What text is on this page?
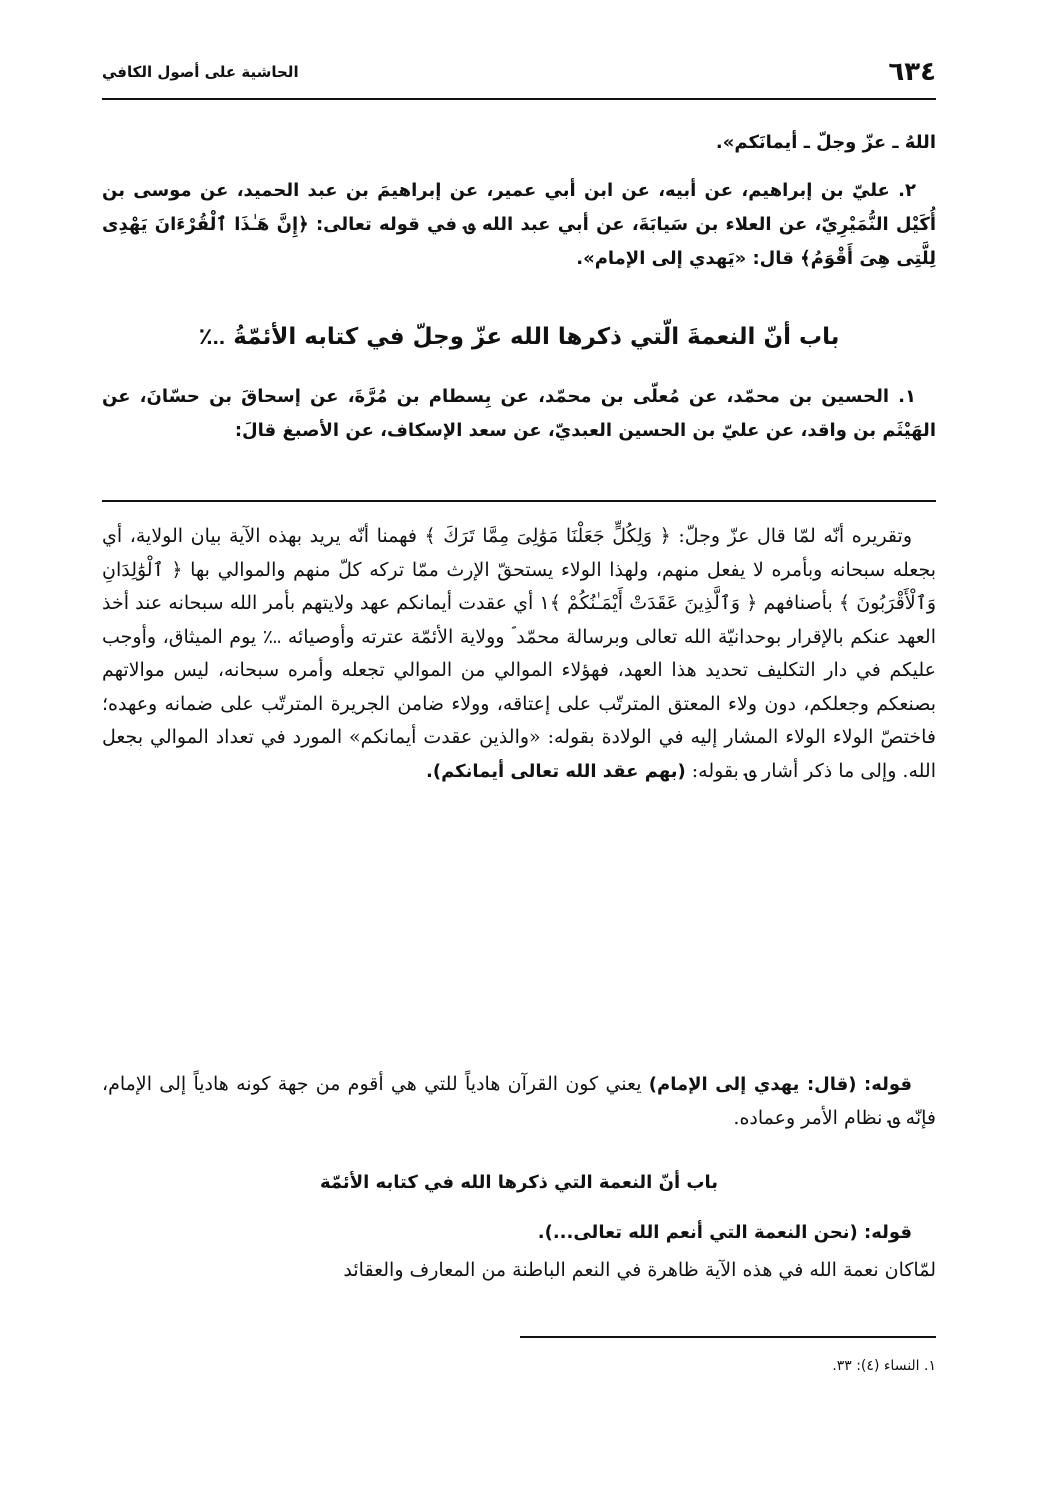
٦٣٤
الحاشية على أصول الكافي

اللهُ ـ عزّ وجلّ ـ أيمانَكم».

٢. عليّ بن إبراهيم، عن أبيه، عن ابن أبي عمير، عن إبراهيمَ بن عبد الحميد، عن موسى بن أُكَيْل النُّمَيْرِيّ، عن العلاء بن سَيابَةَ، عن أبي عبد الله ؈ في قوله تعالى: ﴿إِنَّ هَـٰذَا ٱلْقُرْءَانَ يَهْدِى لِلَّتِى هِىَ أَقْوَمُ﴾ قال: «يَهدي إلى الإمام».

باب أنّ النعمةَ الّتي ذكرها الله عزّ وجلّ في كتابه الأئمّةُ ؊

١. الحسين بن محمّد، عن مُعلّى بن محمّد، عن بِسطام بن مُرَّةَ، عن إسحاقَ بن حسّانَ، عن الهَيْثَم بن واقد، عن عليّ بن الحسين العبديّ، عن سعد الإسكاف، عن الأصبغ قالَ:

وتقريره أنّه لمّا قال عزّ وجلّ: ﴿ وَلِكُلٍّ جَعَلْنَا مَوَٰلِىَ مِمَّا تَرَكَ ﴾ فهمنا أنّه يريد بهذه الآية بيان الولاية، أي بجعله سبحانه وبأمره لا يفعل منهم، ولهذا الولاء يستحقّ الإرث ممّا تركه كلّ منهم والموالي بها ﴿ ٱلْوَٰلِدَانِ وَٱلْأَقْرَبُونَ ﴾ بأصنافهم ﴿ وَٱلَّذِينَ عَقَدَتْ أَيْمَـٰنُكُمْ ﴾١ أي عقدت أيمانكم عهد ولايتهم بأمر الله سبحانه عند أخذ العهد عنكم بالإقرار بوحدانيّة الله تعالى وبرسالة محمّد ؐ وولاية الأئمّة عترته وأوصيائه ؊ يوم الميثاق، وأوجب عليكم في دار التكليف تحديد هذا العهد، فهؤلاء الموالي من الموالي تجعله وأمره سبحانه، ليس موالاتهم بصنعكم وجعلكم، دون ولاء المعتق المترتّب على إعتاقه، وولاء ضامن الجريرة المترتّب على ضمانه وعهده؛ فاختصّ الولاء الولاء المشار إليه في الولادة بقوله: «والذين عقدت أيمانكم» المورد في تعداد الموالي بجعل الله. وإلى ما ذكر أشار ؈ بقوله: (بهم عقد الله تعالى أيمانكم).

قوله: (قال: يهدي إلى الإمام) يعني كون القرآن هادياً للتي هي أقوم من جهة كونه هادياً إلى الإمام، فإنّه ؈ نظام الأمر وعماده.

باب أنّ النعمة التي ذكرها الله في كتابه الأئمّة

قوله: (نحن النعمة التي أنعم الله تعالى...).

لمّاكان نعمة الله في هذه الآية ظاهرة في النعم الباطنة من المعارف والعقائد

١. النساء (٤): ٣٣.
